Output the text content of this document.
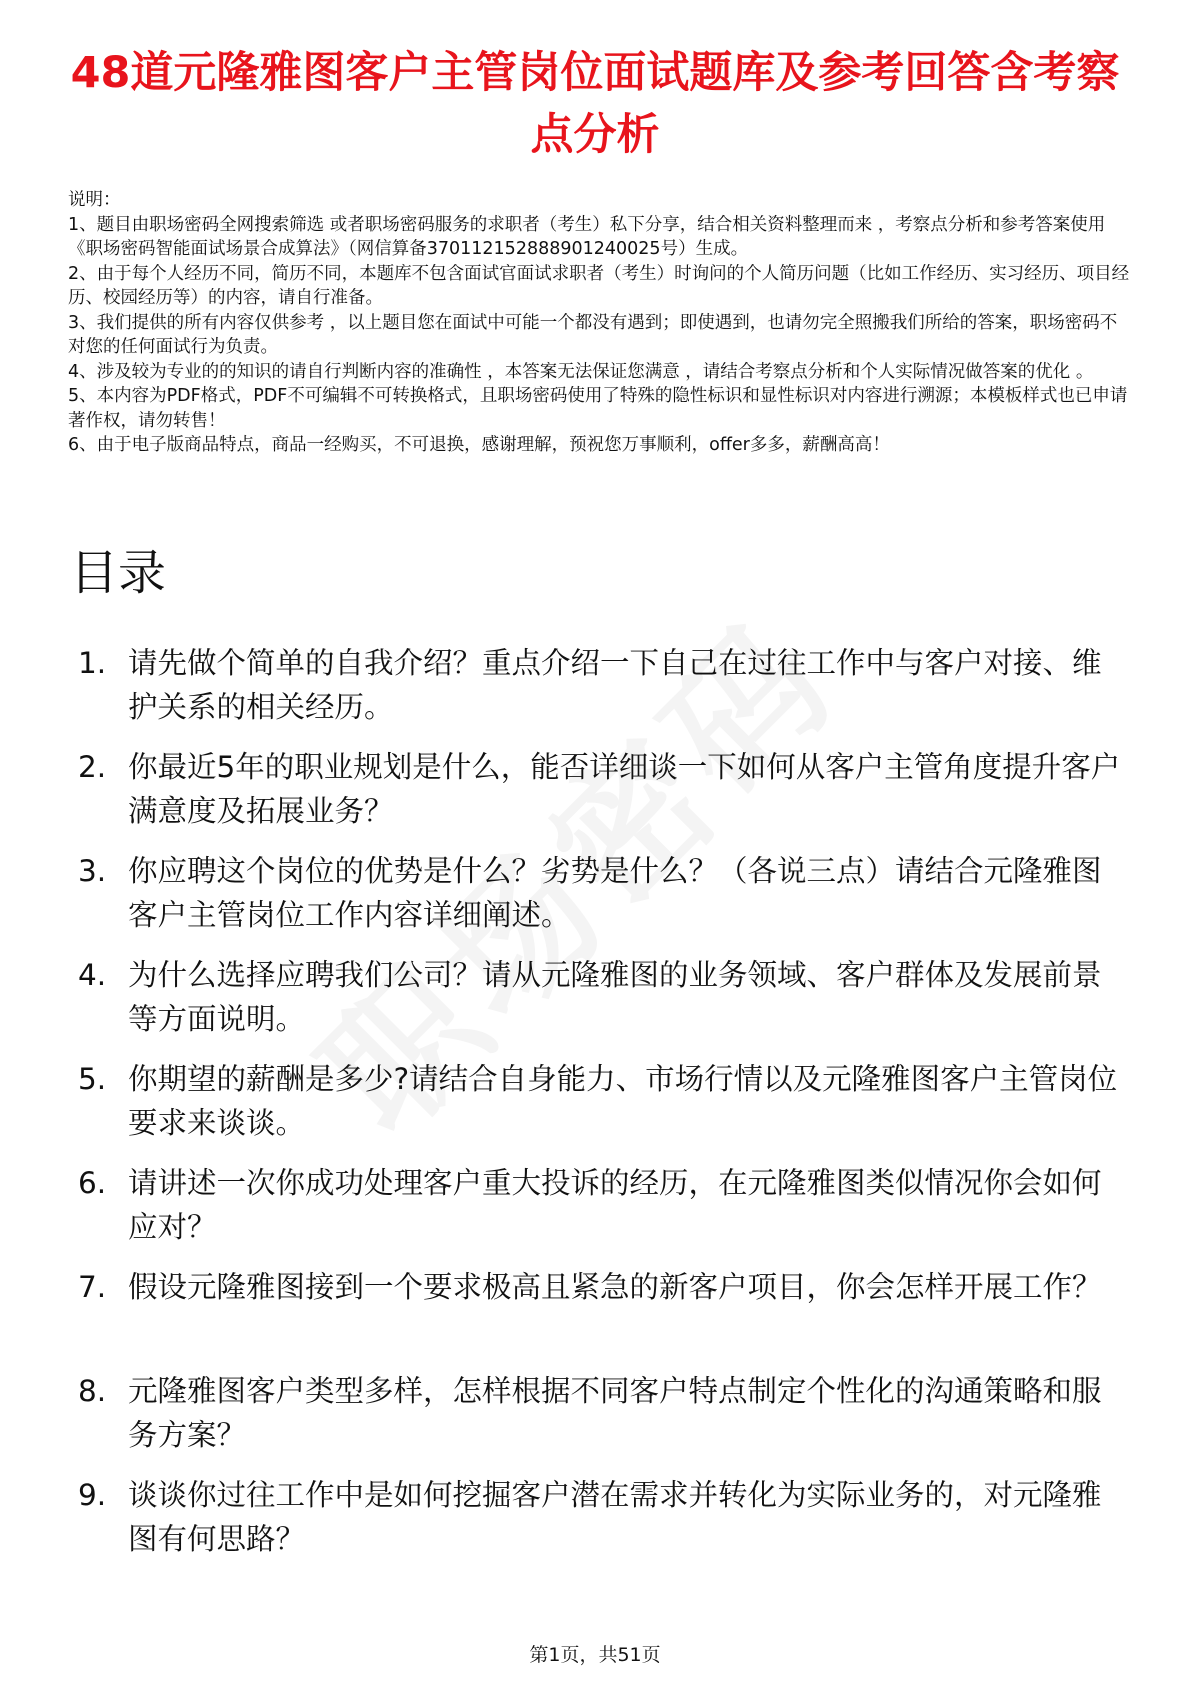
48道元隆雅图客户主管岗位面试题库及参考回答含考察点分析

说明：

1、题目由职场密码全网搜索筛选 或者职场密码服务的求职者（考生）私下分享，结合相关资料整理而来 ，考察点分析和参考答案使用《职场密码智能面试场景合成算法》（网信算备370112152888901240025号）生成。

2、由于每个人经历不同，简历不同，本题库不包含面试官面试求职者（考生）时询问的个人简历问题（比如工作经历、实习经历、项目经历、校园经历等）的内容，请自行准备。

3、我们提供的所有内容仅供参考 ，以上题目您在面试中可能一个都没有遇到；即使遇到，也请勿完全照搬我们所给的答案，职场密码不对您的任何面试行为负责。

4、涉及较为专业的的知识的请自行判断内容的准确性 ，本答案无法保证您满意 ，请结合考察点分析和个人实际情况做答案的优化 。

5、本内容为PDF格式，PDF不可编辑不可转换格式，且职场密码使用了特殊的隐性标识和显性标识对内容进行溯源；本模板样式也已申请著作权，请勿转售！

6、由于电子版商品特点，商品一经购买，不可退换，感谢理解，预祝您万事顺利，offer多多，薪酬高高！

目录
1. 请先做个简单的自我介绍？重点介绍一下自己在过往工作中与客户对接、维护关系的相关经历。
2. 你最近5年的职业规划是什么，能否详细谈一下如何从客户主管角度提升客户满意度及拓展业务？
3. 你应聘这个岗位的优势是什么？劣势是什么？（各说三点）请结合元隆雅图客户主管岗位工作内容详细阐述。
4. 为什么选择应聘我们公司？请从元隆雅图的业务领域、客户群体及发展前景等方面说明。
5. 你期望的薪酬是多少?请结合自身能力、市场行情以及元隆雅图客户主管岗位要求来谈谈。
6. 请讲述一次你成功处理客户重大投诉的经历，在元隆雅图类似情况你会如何应对？
7. 假设元隆雅图接到一个要求极高且紧急的新客户项目，你会怎样开展工作？
8. 元隆雅图客户类型多样，怎样根据不同客户特点制定个性化的沟通策略和服务方案？
9. 谈谈你过往工作中是如何挖掘客户潜在需求并转化为实际业务的，对元隆雅图有何思路？
第1页，共51页
